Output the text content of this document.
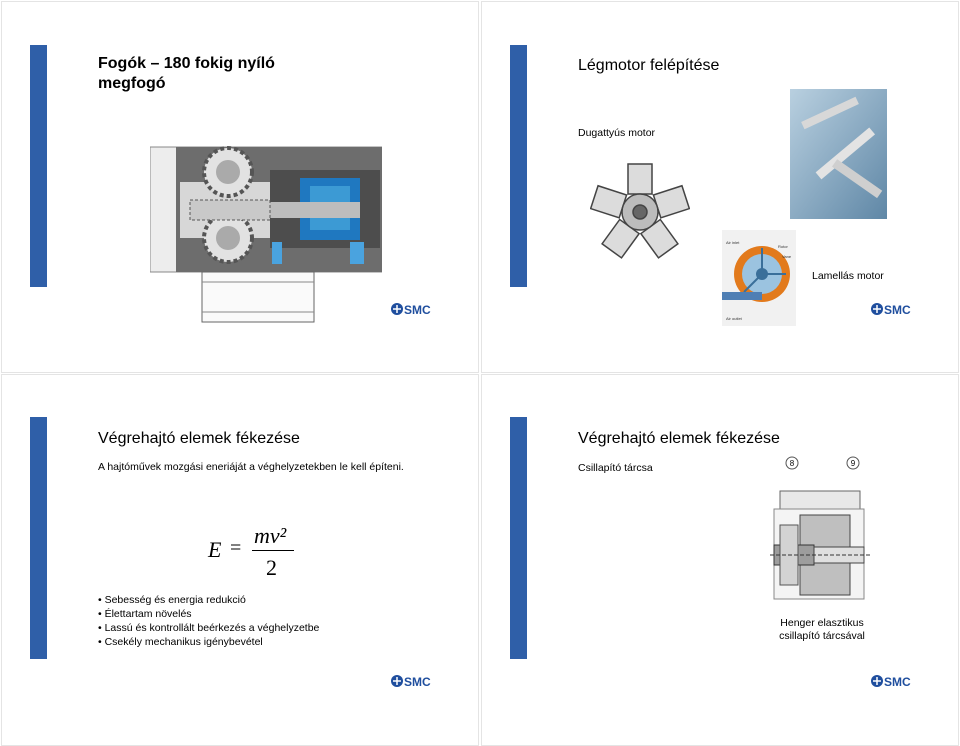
Fogók – 180 fokig nyíló megfogó
SMC
Légmotor felépítése
Dugattyús motor
Air inlet
Rotor
Vane
Air outlet
Lamellás motor
SMC
Végrehajtó elemek fékezése
A hajtóművek mozgási eneriáját a véghelyzetekben le kell építeni.
E = mv²
2
• Sebesség és energia redukció
• Élettartam növelés
• Lassú és kontrollált beérkezés a véghelyzetbe
• Csekély mechanikus igénybevétel
SMC
Végrehajtó elemek fékezése
Csillapító tárcsa	8	9
Henger elasztikus
csillapító tárcsával
SMC
